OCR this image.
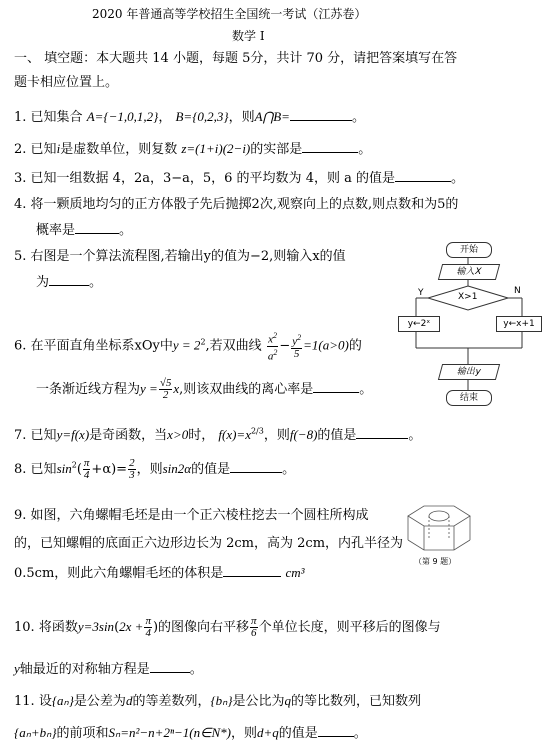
2020 年普通高等学校招生全国统一考试（江苏卷）
数学 I
一、 填空题：本大题共 14 小题，每题 5分，共计 70 分，请把答案填写在答
题卡相应位置上。
1. 已知集合 A={−1,0,1,2}， B={0,2,3}，则A⋂B=	。
2. 已知i是虚数单位，则复数 z=(1+i)(2−i)的实部是	。
3. 已知一组数据 4，2a，3−a，5，6 的平均数为 4，则 a 的值是	。
4. 将一颗质地均匀的正方体骰子先后抛掷2次,观察向上的点数,则点数和为5的
概率是	。
5. 右图是一个算法流程图,若输出y的值为−2,则输入x的值
为	。
开始
输入X
X>1
Y	N
y←2ˣ	y←x+1
输出y
结束
6. 在平面直角坐标系xOy中$y = 2^2$,若双曲线 $\frac{x^2}{a^2} - \frac{y^2}{5} =1(a>0)$的
一条渐近线方程为$y = \frac{√5}{2} x$,则该双曲线的离心率是	。
7. 已知y=f(x)是奇函数，当x>0时， $f(x)=x^{2/3}$，则f(−8)的值是	。
8. 已知$\sin^2( \frac{\pi}{4} +\alpha)= \frac{2}{3}$ ，则sin2α的值是	。
9. 如图，六角螺帽毛坯是由一个正六棱柱挖去一个圆柱所构成
的，已知螺帽的底面正六边形边长为 2cm，高为 2cm，内孔半径为
0.5cm，则此六角螺帽毛坯的体积是	cm³
（第 9 题）
10. 将函数$y=3\sin(2x + \frac{\pi}{4}$ )的图像向右平移 $\frac{\pi}{6}$ 个单位长度，则平移后的图像与
y轴最近的对称轴方程是	。
11. 设{aₙ}是公差为d的等差数列，{bₙ}是公比为q的等比数列，已知数列
{aₙ+bₙ}的前项和Sₙ=n²−n+2ⁿ−1(n∈N*)，则d+q的值是	。
